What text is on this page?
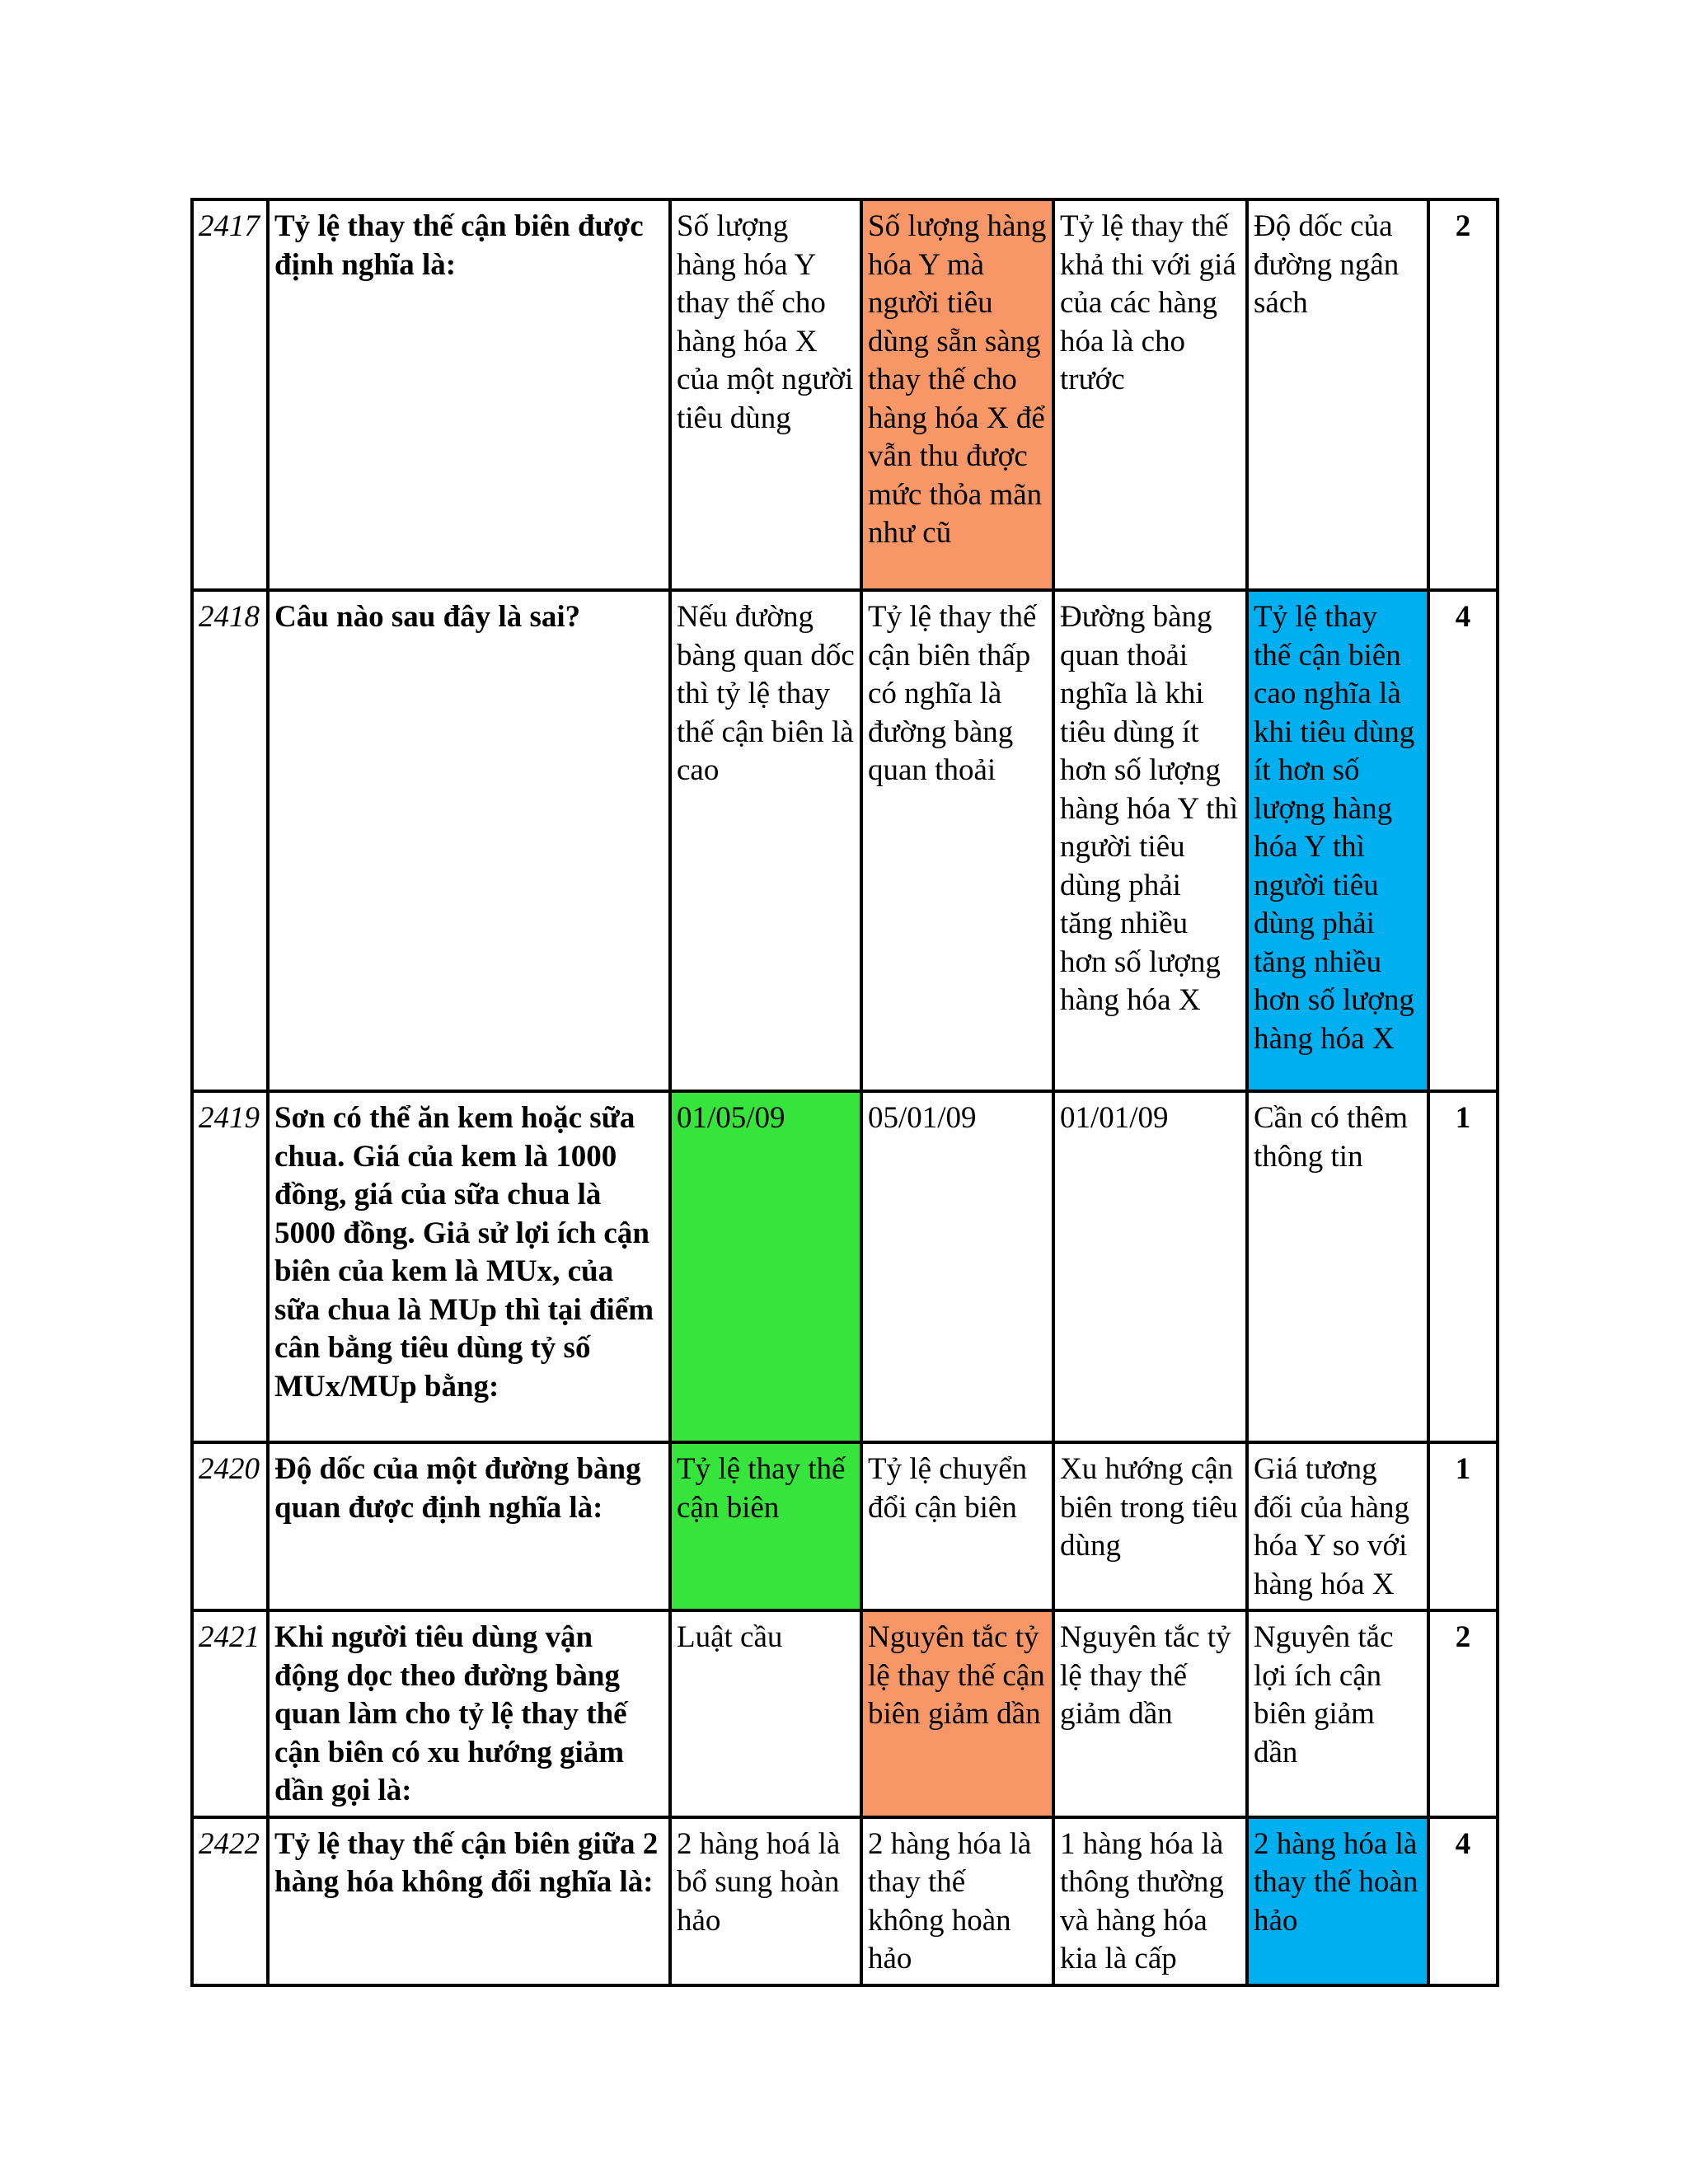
2417	Tỷ lệ thay thế cận biên được định nghĩa là:	Số lượng hàng hóa Y thay thế cho hàng hóa X của một người tiêu dùng	Số lượng hàng hóa Y mà người tiêu dùng sẵn sàng thay thế cho hàng hóa X để vẫn thu được mức thỏa mãn như cũ	Tỷ lệ thay thế khả thi với giá của các hàng hóa là cho trước	Độ dốc của đường ngân sách	2
2418	Câu nào sau đây là sai?	Nếu đường bàng quan dốc thì tỷ lệ thay thế cận biên là cao	Tỷ lệ thay thế cận biên thấp có nghĩa là đường bàng quan thoải	Đường bàng quan thoải nghĩa là khi tiêu dùng ít hơn số lượng hàng hóa Y thì người tiêu dùng phải tăng nhiều hơn số lượng hàng hóa X	Tỷ lệ thay thế cận biên cao nghĩa là khi tiêu dùng ít hơn số lượng hàng hóa Y thì người tiêu dùng phải tăng nhiều hơn số lượng hàng hóa X	4
2419	Sơn có thể ăn kem hoặc sữa chua. Giá của kem là 1000 đồng, giá của sữa chua là 5000 đồng. Giả sử lợi ích cận biên của kem là MUx, của sữa chua là MUp thì tại điểm cân bằng tiêu dùng tỷ số MUx/MUp bằng:	01/05/09	05/01/09	01/01/09	Cần có thêm thông tin	1
2420	Độ dốc của một đường bàng quan được định nghĩa là:	Tỷ lệ thay thế cận biên	Tỷ lệ chuyển đổi cận biên	Xu hướng cận biên trong tiêu dùng	Giá tương đối của hàng hóa Y so với hàng hóa X	1
2421	Khi người tiêu dùng vận động dọc theo đường bàng quan làm cho tỷ lệ thay thế cận biên có xu hướng giảm dần gọi là:	Luật cầu	Nguyên tắc tỷ lệ thay thế cận biên giảm dần	Nguyên tắc tỷ lệ thay thế giảm dần	Nguyên tắc lợi ích cận biên giảm dần	2
2422	Tỷ lệ thay thế cận biên giữa 2 hàng hóa không đổi nghĩa là:	2 hàng hoá là bổ sung hoàn hảo	2 hàng hóa là thay thế không hoàn hảo	1 hàng hóa là thông thường và hàng hóa kia là cấp	2 hàng hóa là thay thế hoàn hảo	4
